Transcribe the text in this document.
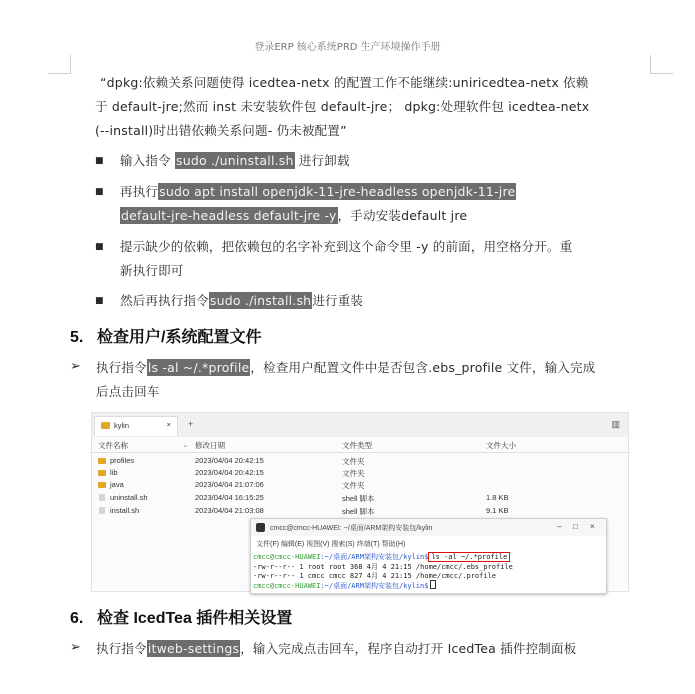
登录ERP 核心系统PRD 生产环境操作手册
“dpkg:依赖关系问题使得 icedtea-netx 的配置工作不能继续:uniricedtea-netx 依赖
于 default-jre;然而 inst 未安装软件包 default-jre； dpkg:处理软件包 icedtea-netx
(--install)时出错依赖关系问题- 仍未被配置”
■ 输入指令 sudo ./uninstall.sh 进行卸载
■ 再执行sudo apt install openjdk-11-jre-headless openjdk-11-jre
default-jre-headless default-jre -y，手动安装default jre
■ 提示缺少的依赖，把依赖包的名字补充到这个命令里 -y 的前面，用空格分开。重
新执行即可
■ 然后再执行指令sudo ./install.sh进行重装
5. 检查用户/系统配置文件
➢ 执行指令ls -al ~/.*profile，检查用户配置文件中是否包含.ebs_profile 文件，输入完成
后点击回车
kylin	× +	▥
文件名称	⌄ 修改日期	文件类型	文件大小
profiles	2023/04/04 20:42:15	文件夹
lib	2023/04/04 20:42:15	文件夹
java	2023/04/04 21:07:06	文件夹
uninstall.sh	2023/04/04 16:15:25	shell 脚本	1.8 KB
install.sh	2023/04/04 21:03:08	shell 脚本	9.1 KB
cmcc@cmcc-HUAWEI: ~/桌面/ARM架构安装包/kylin	– □ ×
文件(F) 编辑(E) 视图(V) 搜索(S) 终端(T) 帮助(H)
cmcc@cmcc-HUAWEI:~/桌面/ARM架构安装包/kylin$ ls -al ~/.*profile
-rw-r--r-- 1 root root 368 4月 4 21:15 /home/cmcc/.ebs_profile
-rw-r--r-- 1 cmcc cmcc 827 4月 4 21:15 /home/cmcc/.profile
cmcc@cmcc-HUAWEI:~/桌面/ARM架构安装包/kylin$
6. 检查 IcedTea 插件相关设置
➢ 执行指令itweb-settings，输入完成点击回车，程序自动打开 IcedTea 插件控制面板
